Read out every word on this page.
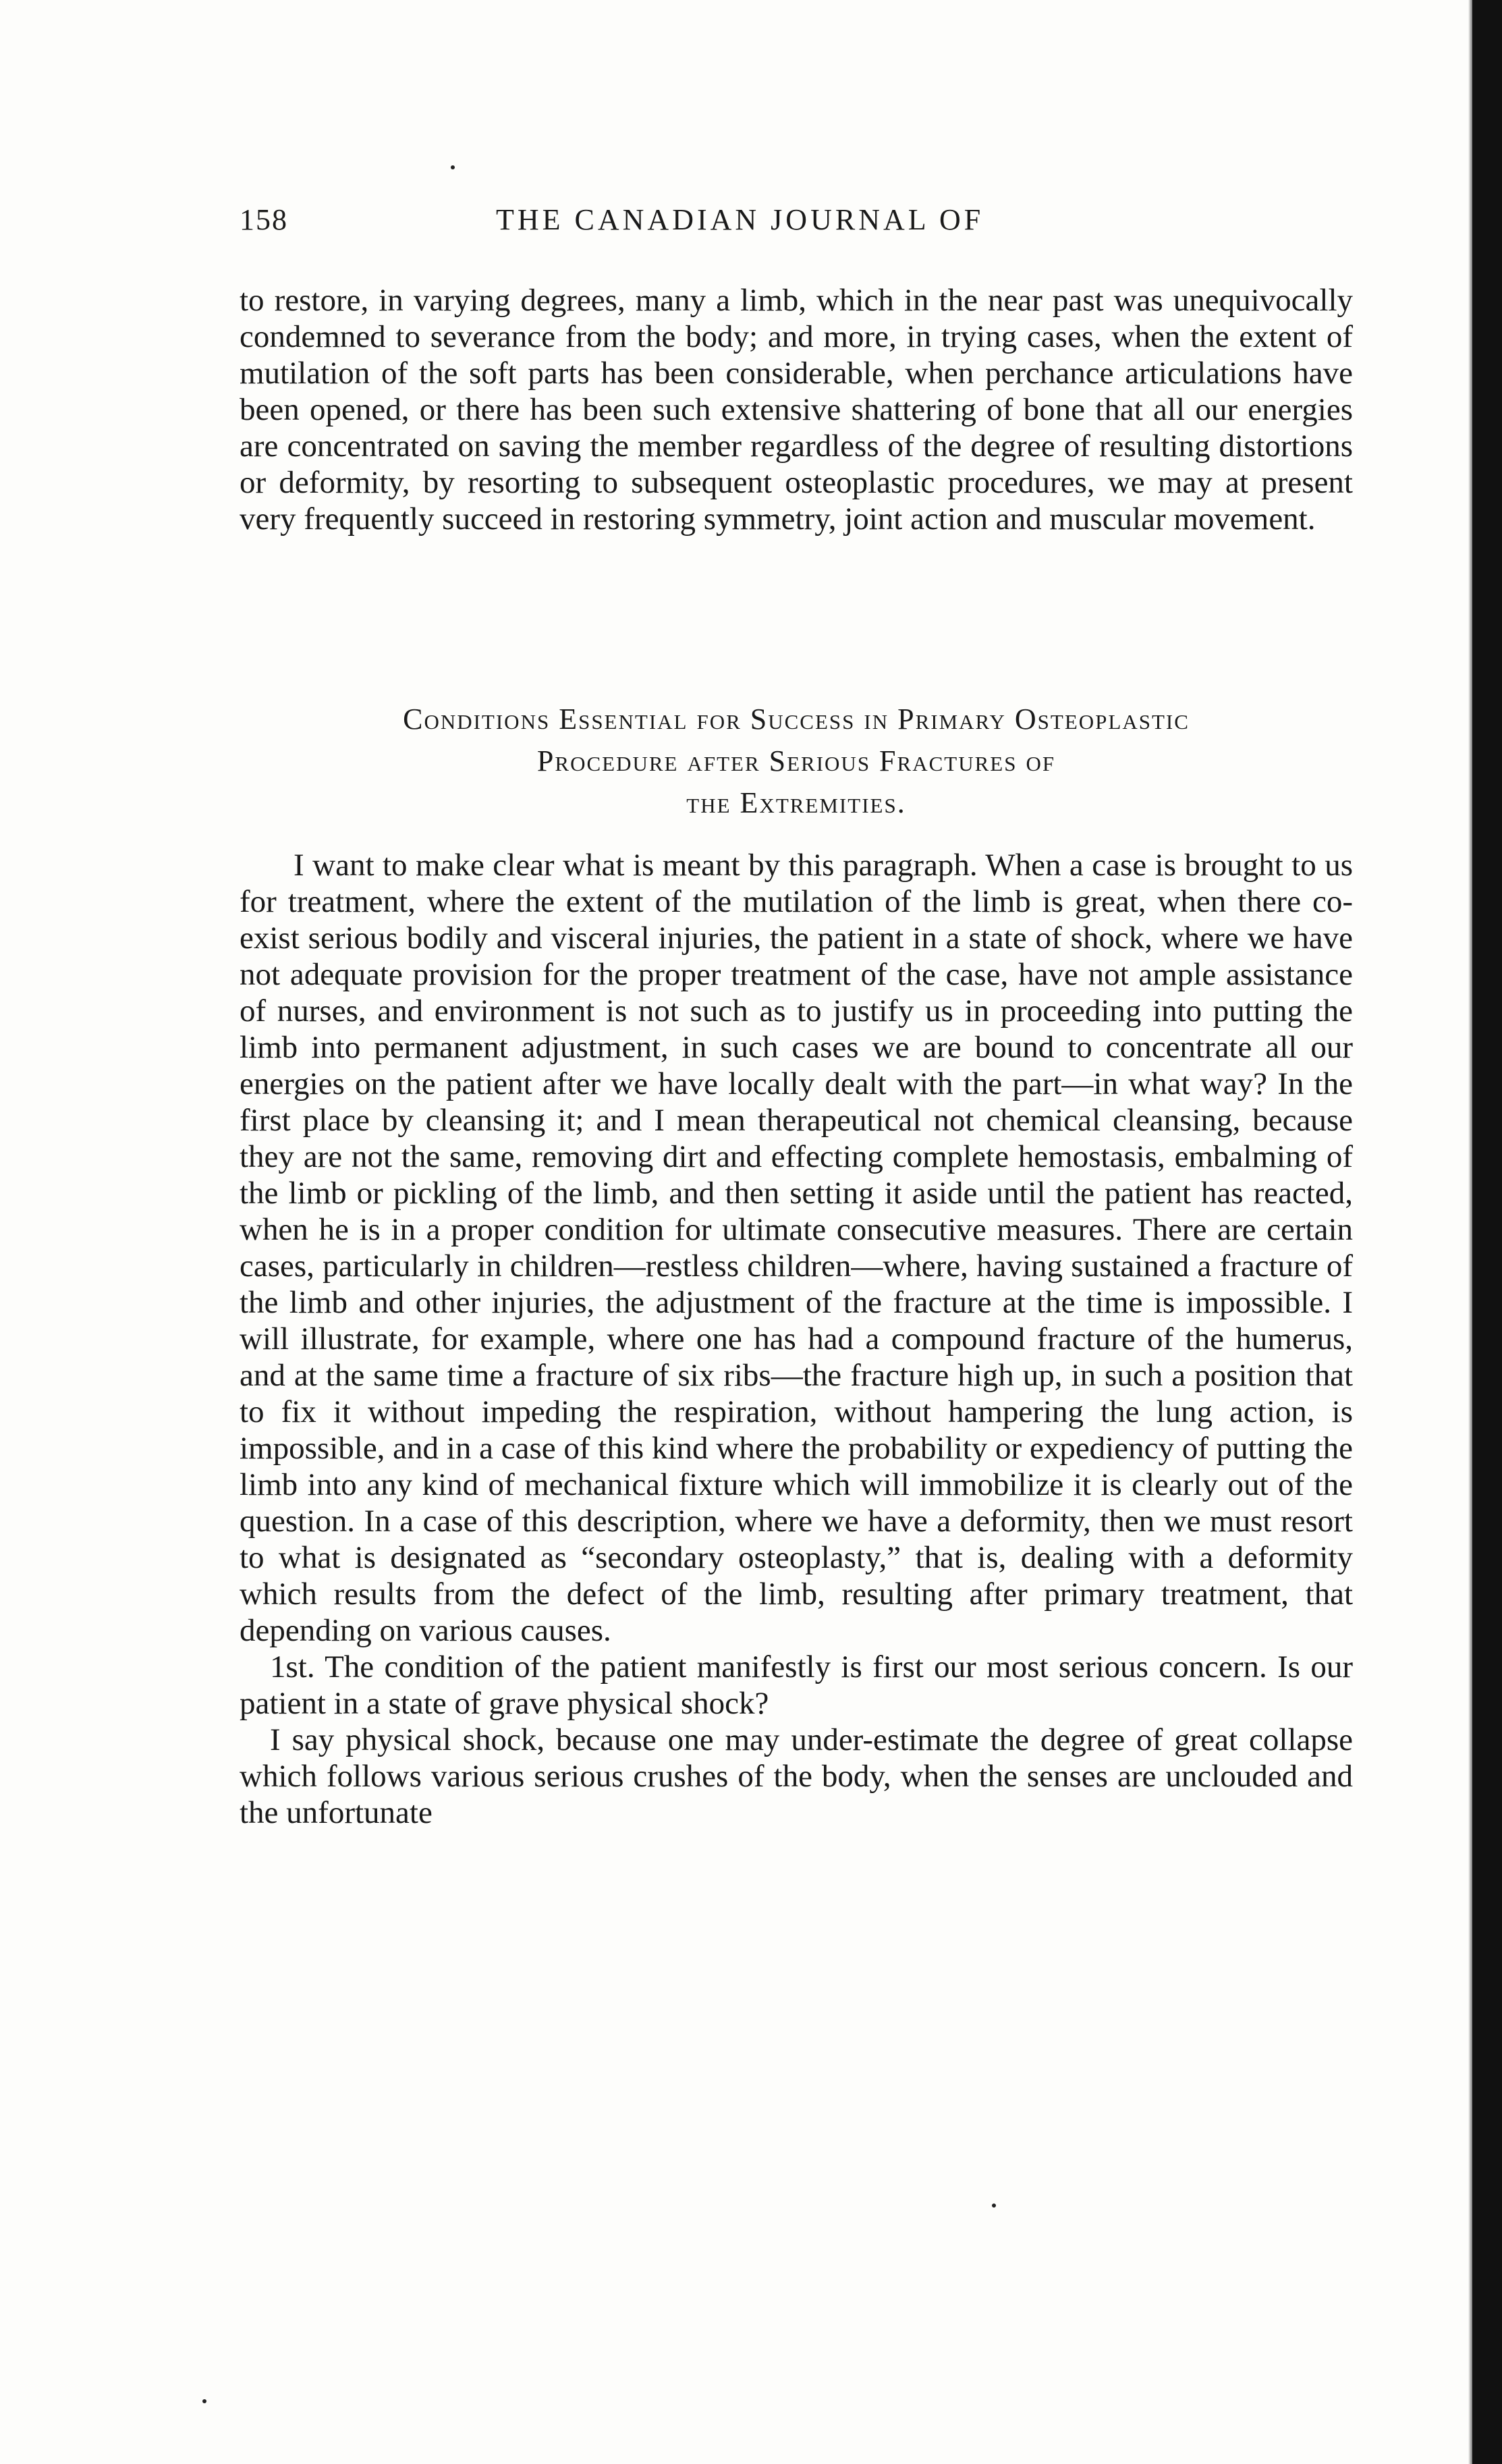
158	THE CANADIAN JOURNAL OF

to restore, in varying degrees, many a limb, which in the near past was unequivocally condemned to severance from the body; and more, in trying cases, when the extent of mutilation of the soft parts has been considerable, when perchance articulations have been opened, or there has been such extensive shattering of bone that all our energies are concentrated on saving the member regardless of the degree of resulting distortions or deformity, by resorting to subsequent osteoplastic procedures, we may at present very frequently succeed in restoring symmetry, joint action and muscular movement.

Conditions Essential for Success in Primary Osteoplastic
Procedure after Serious Fractures of
the Extremities.

I want to make clear what is meant by this paragraph. When a case is brought to us for treatment, where the extent of the mutilation of the limb is great, when there co-exist serious bodily and visceral injuries, the patient in a state of shock, where we have not adequate provision for the proper treatment of the case, have not ample assistance of nurses, and environment is not such as to justify us in proceeding into putting the limb into permanent adjustment, in such cases we are bound to concentrate all our energies on the patient after we have locally dealt with the part—in what way? In the first place by cleansing it; and I mean therapeutical not chemical cleansing, because they are not the same, removing dirt and effecting complete hemostasis, embalming of the limb or pickling of the limb, and then setting it aside until the patient has reacted, when he is in a proper condition for ultimate consecutive measures. There are certain cases, particularly in children—restless children—where, having sustained a fracture of the limb and other injuries, the adjustment of the fracture at the time is impossible. I will illustrate, for example, where one has had a compound fracture of the humerus, and at the same time a fracture of six ribs—the fracture high up, in such a position that to fix it without impeding the respiration, without hampering the lung action, is impossible, and in a case of this kind where the probability or expediency of putting the limb into any kind of mechanical fixture which will immobilize it is clearly out of the question. In a case of this description, where we have a deformity, then we must resort to what is designated as “secondary osteoplasty,” that is, dealing with a deformity which results from the defect of the limb, resulting after primary treatment, that depending on various causes.

1st. The condition of the patient manifestly is first our most serious concern. Is our patient in a state of grave physical shock?

I say physical shock, because one may under-estimate the degree of great collapse which follows various serious crushes of the body, when the senses are unclouded and the unfortunate
